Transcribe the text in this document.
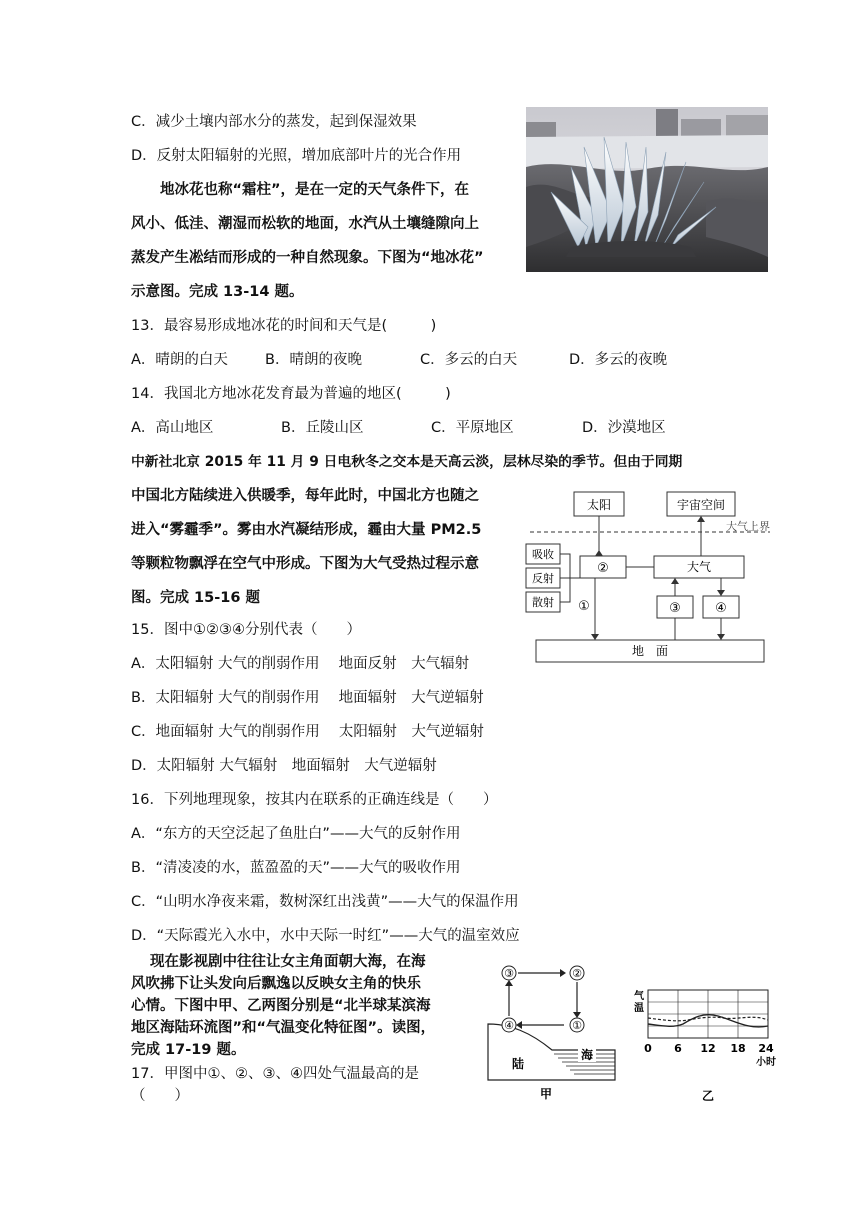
C．减少土壤内部水分的蒸发，起到保湿效果
D．反射太阳辐射的光照，增加底部叶片的光合作用
地冰花也称“霜柱”，是在一定的天气条件下，在
风小、低洼、潮湿而松软的地面，水汽从土壤缝隙向上
蒸发产生凇结而形成的一种自然现象。下图为“地冰花”
示意图。完成 13-14 题。
13．最容易形成地冰花的时间和天气是(　　　)
A．晴朗的白天	B．晴朗的夜晚	C．多云的白天	D．多云的夜晚
14．我国北方地冰花发育最为普遍的地区(　　　)
A．高山地区	B．丘陵山区	C．平原地区	D．沙漠地区
中新社北京 2015 年 11 月 9 日电秋冬之交本是天高云淡，层林尽染的季节。但由于同期
中国北方陆续进入供暖季，每年此时，中国北方也随之
进入“雾霾季”。雾由水汽凝结形成，霾由大量 PM2.5
等颗粒物飘浮在空气中形成。下图为大气受热过程示意
图。完成 15-16 题
太阳	宇宙空间
大气上界
吸收
反射
散射
②	大气
①	③	④
地　面
15．图中①②③④分别代表（　　）
A．太阳辐射 大气的削弱作用　 地面反射　大气辐射
B．太阳辐射 大气的削弱作用　 地面辐射　大气逆辐射
C．地面辐射 大气的削弱作用　 太阳辐射　大气逆辐射
D．太阳辐射 大气辐射　地面辐射　大气逆辐射
16．下列地理现象，按其内在联系的正确连线是（　　）
A．“东方的天空泛起了鱼肚白”——大气的反射作用
B．“清凌凌的水，蓝盈盈的天”——大气的吸收作用
C．“山明水净夜来霜，数树深红出浅黄”——大气的保温作用
D．“天际霞光入水中，水中天际一时红”——大气的温室效应
现在影视剧中往往让女主角面朝大海，在海
风吹拂下让头发向后飘逸以反映女主角的快乐
心情。下图中甲、乙两图分别是“北半球某滨海
地区海陆环流图”和“气温变化特征图”。读图，
完成 17-19 题。
17．甲图中①、②、③、④四处气温最高的是
（　　）
③	②
①
④
陆
海
甲
气
温
0 6 12 18 24
小时
乙
